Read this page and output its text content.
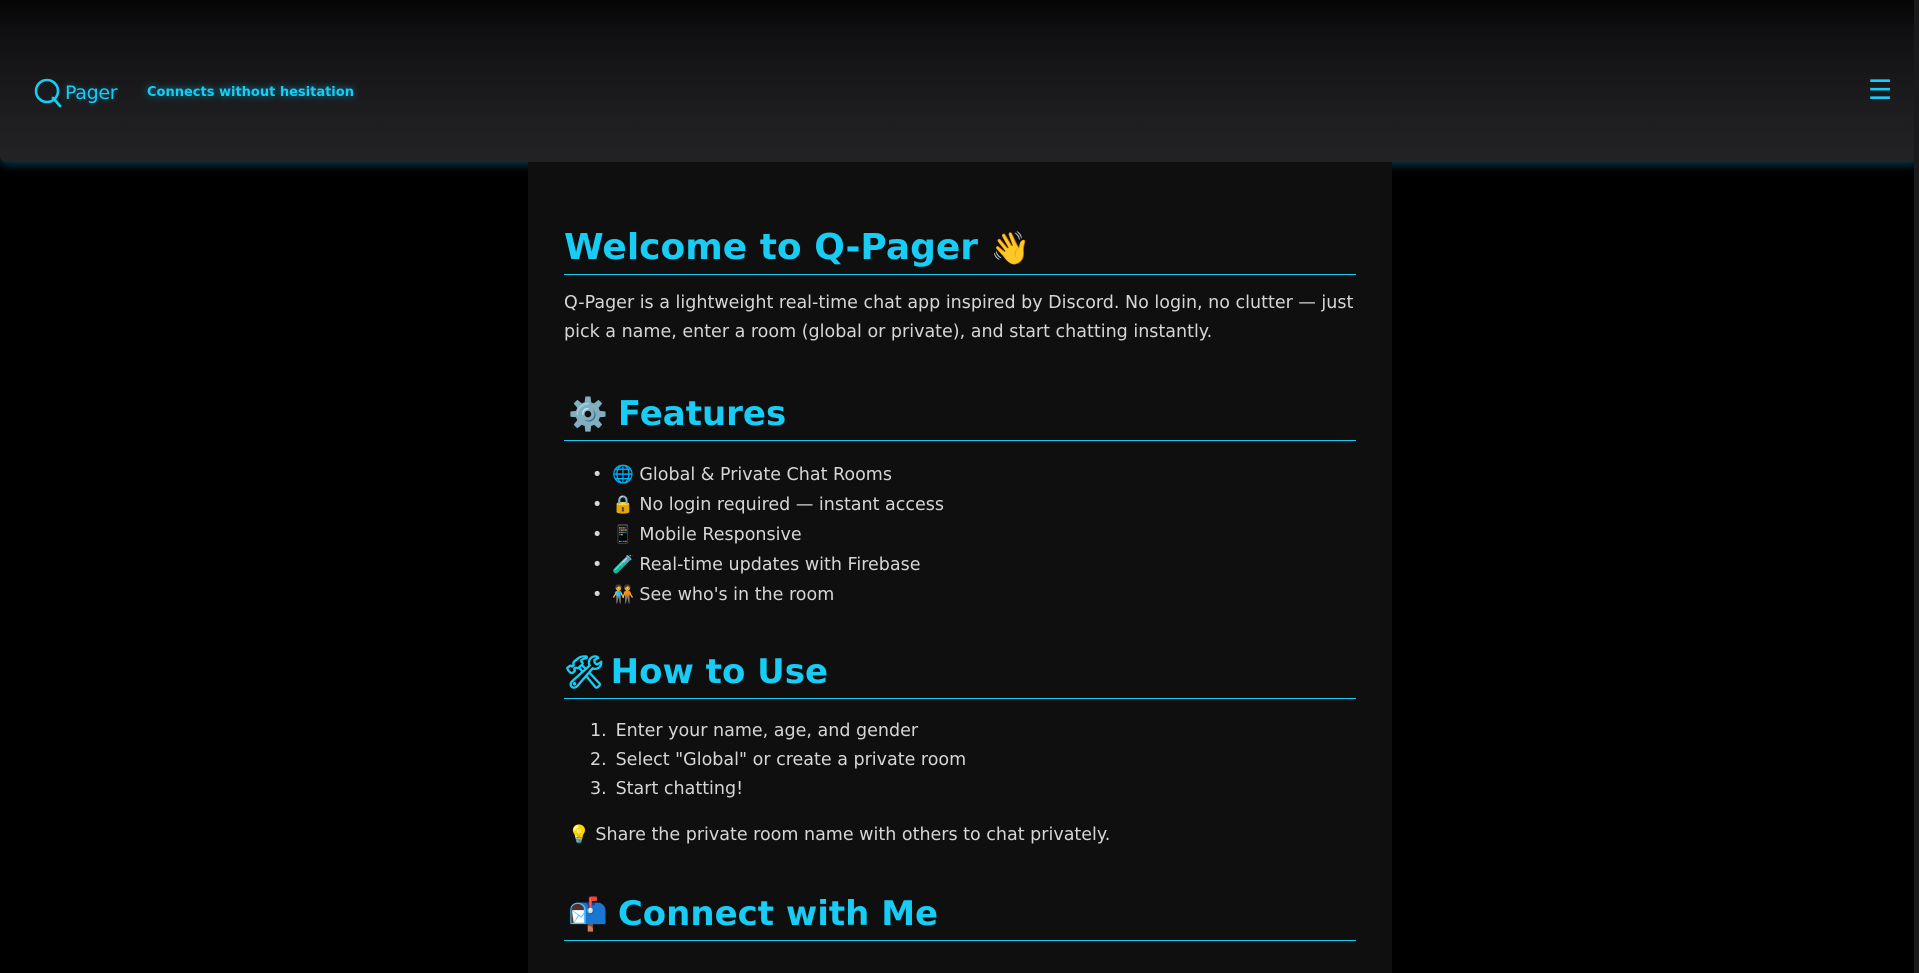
Pager Connects without hesitation	☰
Welcome to Q-Pager 👋

Q-Pager is a lightweight real-time chat app inspired by Discord. No login, no clutter — just pick a name, enter a room (global or private), and start chatting instantly.

⚙️ Features
• 🌐 Global & Private Chat Rooms
• 🔒 No login required — instant access
• 📱 Mobile Responsive
• 🧪 Real-time updates with Firebase
• 🧑‍🤝‍🧑 See who's in the room
🛠 How to Use
1. Enter your name, age, and gender
2. Select "Global" or create a private room
3. Start chatting!

💡 Share the private room name with others to chat privately.

📬 Connect with Me
